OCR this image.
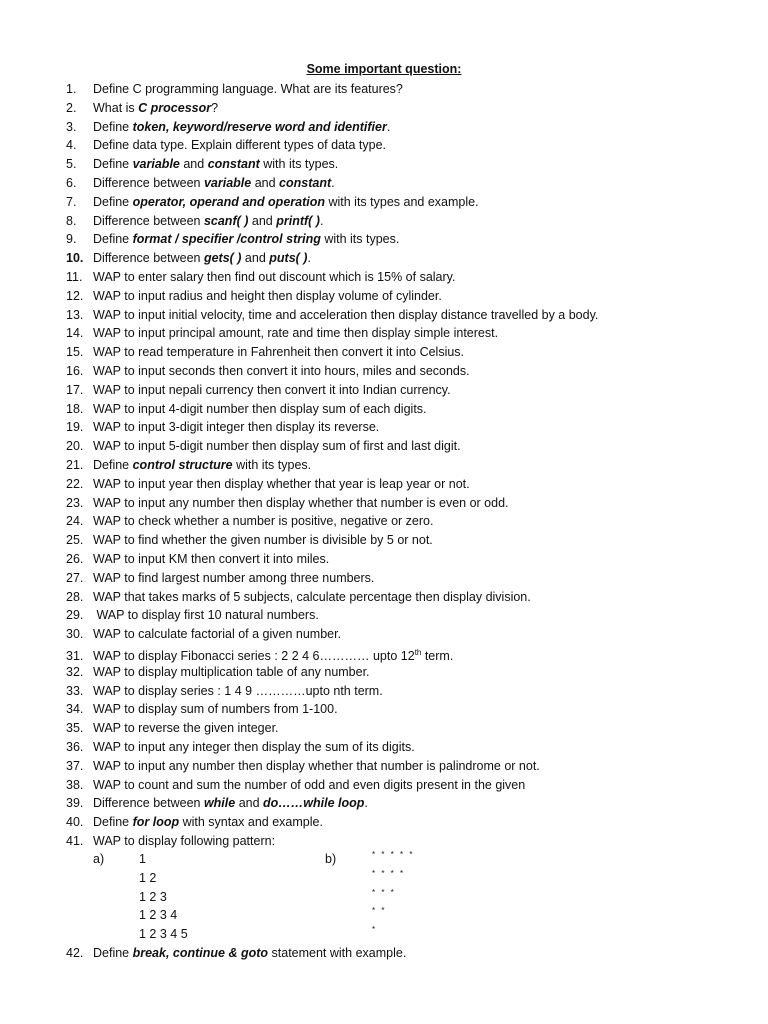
Some important question:
1. Define C programming language. What are its features?
2. What is C processor?
3. Define token, keyword/reserve word and identifier.
4. Define data type. Explain different types of data type.
5. Define variable and constant with its types.
6. Difference between variable and constant.
7. Define operator, operand and operation with its types and example.
8. Difference between scanf( ) and printf( ).
9. Define format / specifier /control string with its types.
10. Difference between gets( ) and puts( ).
11. WAP to enter salary then find out discount which is 15% of salary.
12. WAP to input radius and height then display volume of cylinder.
13. WAP to input initial velocity, time and acceleration then display distance travelled by a body.
14. WAP to input principal amount, rate and time then display simple interest.
15. WAP to read temperature in Fahrenheit then convert it into Celsius.
16. WAP to input seconds then convert it into hours, miles and seconds.
17. WAP to input nepali currency then convert it into Indian currency.
18. WAP to input 4-digit number then display sum of each digits.
19. WAP to input 3-digit integer then display its reverse.
20. WAP to input 5-digit number then display sum of first and last digit.
21. Define control structure with its types.
22. WAP to input year then display whether that year is leap year or not.
23. WAP to input any number then display whether that number is even or odd.
24. WAP to check whether a number is positive, negative or zero.
25. WAP to find whether the given number is divisible by 5 or not.
26. WAP to input KM then convert it into miles.
27. WAP to find largest number among three numbers.
28. WAP that takes marks of 5 subjects, calculate percentage then display division.
29. WAP to display first 10 natural numbers.
30. WAP to calculate factorial of a given number.
31. WAP to display Fibonacci series : 2 2 4 6………… upto 12th term.
32. WAP to display multiplication table of any number.
33. WAP to display series : 1 4 9 …………upto nth term.
34. WAP to display sum of numbers from 1-100.
35. WAP to reverse the given integer.
36. WAP to input any integer then display the sum of its digits.
37. WAP to input any number then display whether that number is palindrome or not.
38. WAP to count and sum the number of odd and even digits present in the given
39. Difference between while and do……while loop.
40. Define for loop with syntax and example.
41. WAP to display following pattern:
a)	1
1 2
1 2 3
1 2 3 4
1 2 3 4 5
b)	* * * * *
* * * *
* * *
* *
*
42. Define break, continue & goto statement with example.
